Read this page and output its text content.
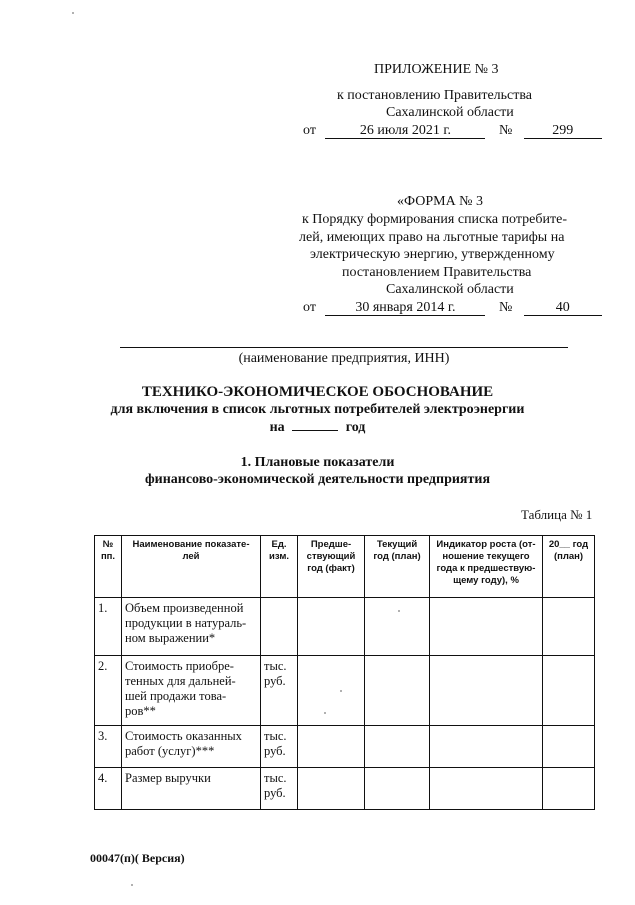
ПРИЛОЖЕНИЕ № 3
к постановлению Правительства
Сахалинской области
от	26 июля 2021 г.	№	299
«ФОРМА № 3
к Порядку формирования списка потребите-
лей, имеющих право на льготные тарифы на
электрическую энергию, утвержденному
постановлением Правительства
Сахалинской области
от	30 января 2014 г.	№	40
(наименование предприятия, ИНН)
ТЕХНИКО-ЭКОНОМИЧЕСКОЕ ОБОСНОВАНИЕ
для включения в список льготных потребителей электроэнергии
на	год
1. Плановые показатели
финансово-экономической деятельности предприятия
Таблица № 1
№ пп.	Наименование показате- лей	Ед. изм.	Предше- ствующий год (факт)	Текущий год (план)	Индикатор роста (от- ношение текущего года к предшествую- щему году), %	20__ год (план)
1.	Объем произведенной продукции в натураль- ном выражении*					
2.	Стоимость приобре- тенных для дальней- шей продажи това- ров**	тыс. руб.				
3.	Стоимость оказанных работ (услуг)***	тыс. руб.				
4.	Размер выручки	тыс. руб.				
00047(п)( Версия)
